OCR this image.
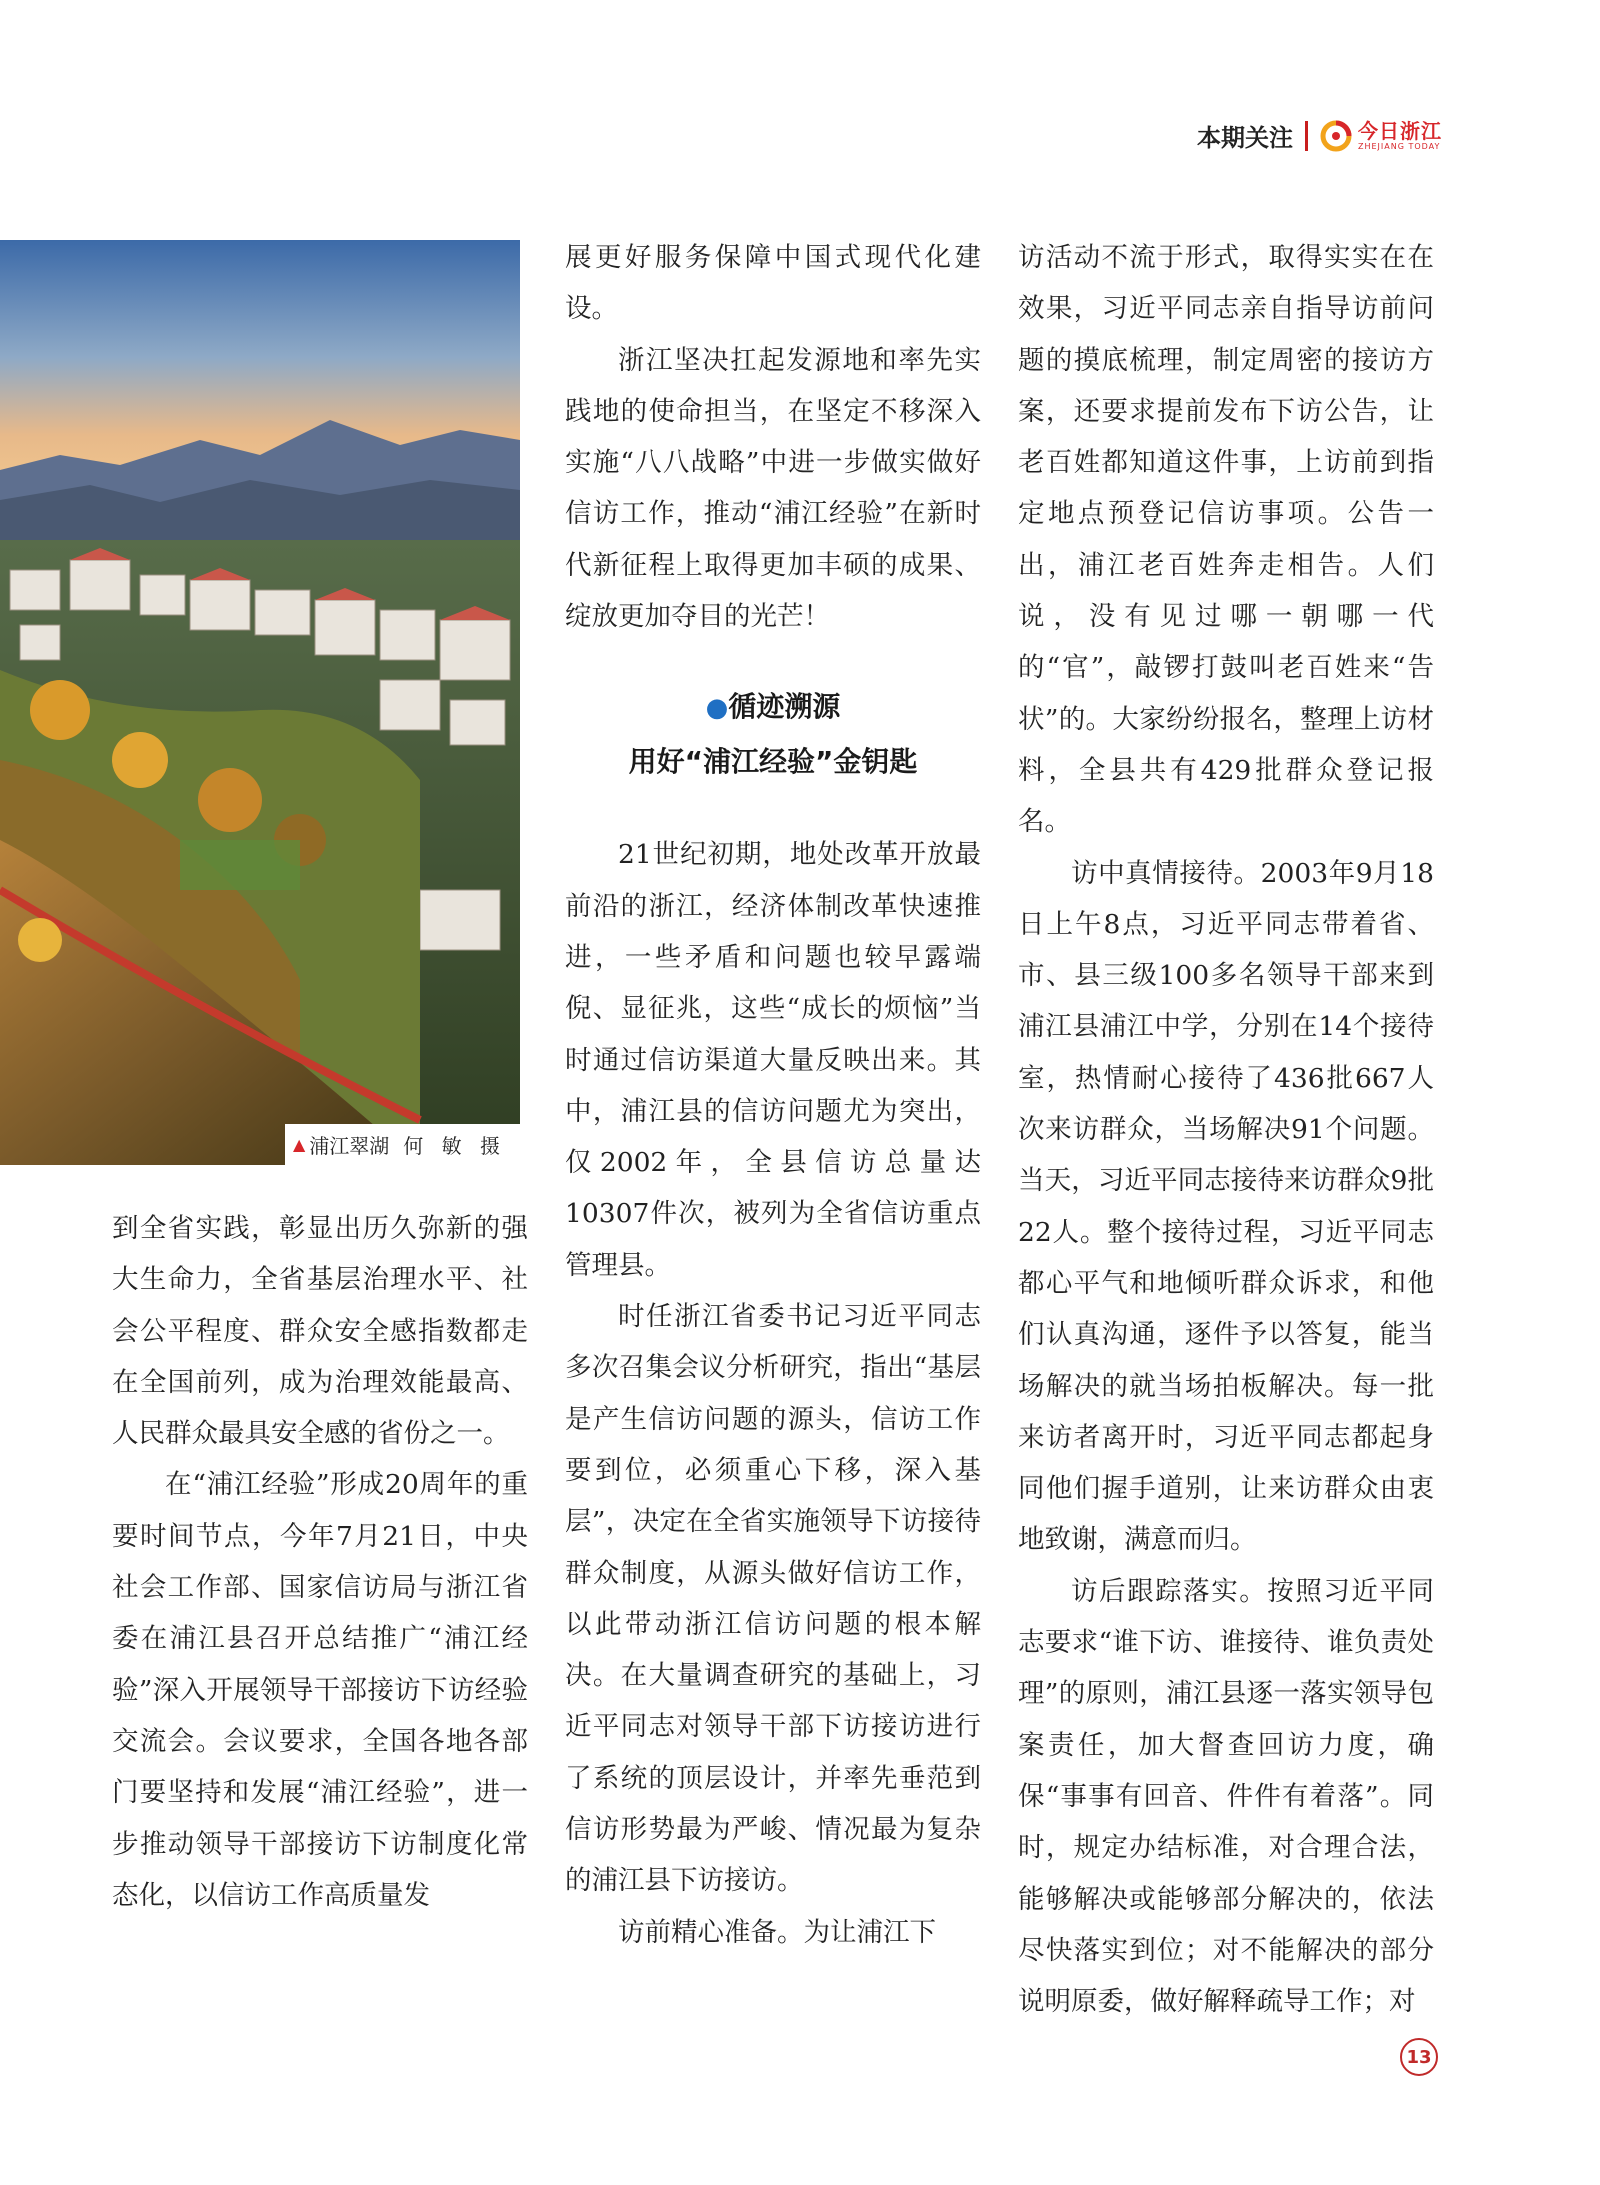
本期关注	今日浙江
ZHEJIANG TODAY
▲ 浦江翠湖 何 敏 摄

到全省实践，彰显出历久弥新的强大生命力，全省基层治理水平、社会公平程度、群众安全感指数都走在全国前列，成为治理效能最高、人民群众最具安全感的省份之一。

在“浦江经验”形成20周年的重要时间节点，今年7月21日，中央社会工作部、国家信访局与浙江省委在浦江县召开总结推广“浦江经验”深入开展领导干部接访下访经验交流会。会议要求，全国各地各部门要坚持和发展“浦江经验”，进一步推动领导干部接访下访制度化常态化，以信访工作高质量发

展更好服务保障中国式现代化建设。

浙江坚决扛起发源地和率先实践地的使命担当，在坚定不移深入实施“八八战略”中进一步做实做好信访工作，推动“浦江经验”在新时代新征程上取得更加丰硕的成果、绽放更加夺目的光芒！

●循迹溯源
用好“浦江经验”金钥匙

21世纪初期，地处改革开放最前沿的浙江，经济体制改革快速推进，一些矛盾和问题也较早露端倪、显征兆，这些“成长的烦恼”当时通过信访渠道大量反映出来。其中，浦江县的信访问题尤为突出，仅2002年，全县信访总量达10307件次，被列为全省信访重点管理县。

时任浙江省委书记习近平同志多次召集会议分析研究，指出“基层是产生信访问题的源头，信访工作要到位，必须重心下移，深入基层”，决定在全省实施领导下访接待群众制度，从源头做好信访工作，以此带动浙江信访问题的根本解决。在大量调查研究的基础上，习近平同志对领导干部下访接访进行了系统的顶层设计，并率先垂范到信访形势最为严峻、情况最为复杂的浦江县下访接访。

访前精心准备。为让浦江下

访活动不流于形式，取得实实在在效果，习近平同志亲自指导访前问题的摸底梳理，制定周密的接访方案，还要求提前发布下访公告，让老百姓都知道这件事，上访前到指定地点预登记信访事项。公告一出，浦江老百姓奔走相告。人们说，没有见过哪一朝哪一代的“官”，敲锣打鼓叫老百姓来“告状”的。大家纷纷报名，整理上访材料，全县共有429批群众登记报名。

访中真情接待。2003年9月18日上午8点，习近平同志带着省、市、县三级100多名领导干部来到浦江县浦江中学，分别在14个接待室，热情耐心接待了436批667人次来访群众，当场解决91个问题。当天，习近平同志接待来访群众9批22人。整个接待过程，习近平同志都心平气和地倾听群众诉求，和他们认真沟通，逐件予以答复，能当场解决的就当场拍板解决。每一批来访者离开时，习近平同志都起身同他们握手道别，让来访群众由衷地致谢，满意而归。

访后跟踪落实。按照习近平同志要求“谁下访、谁接待、谁负责处理”的原则，浦江县逐一落实领导包案责任，加大督查回访力度，确保“事事有回音、件件有着落”。同时，规定办结标准，对合理合法，能够解决或能够部分解决的，依法尽快落实到位；对不能解决的部分说明原委，做好解释疏导工作；对

13
